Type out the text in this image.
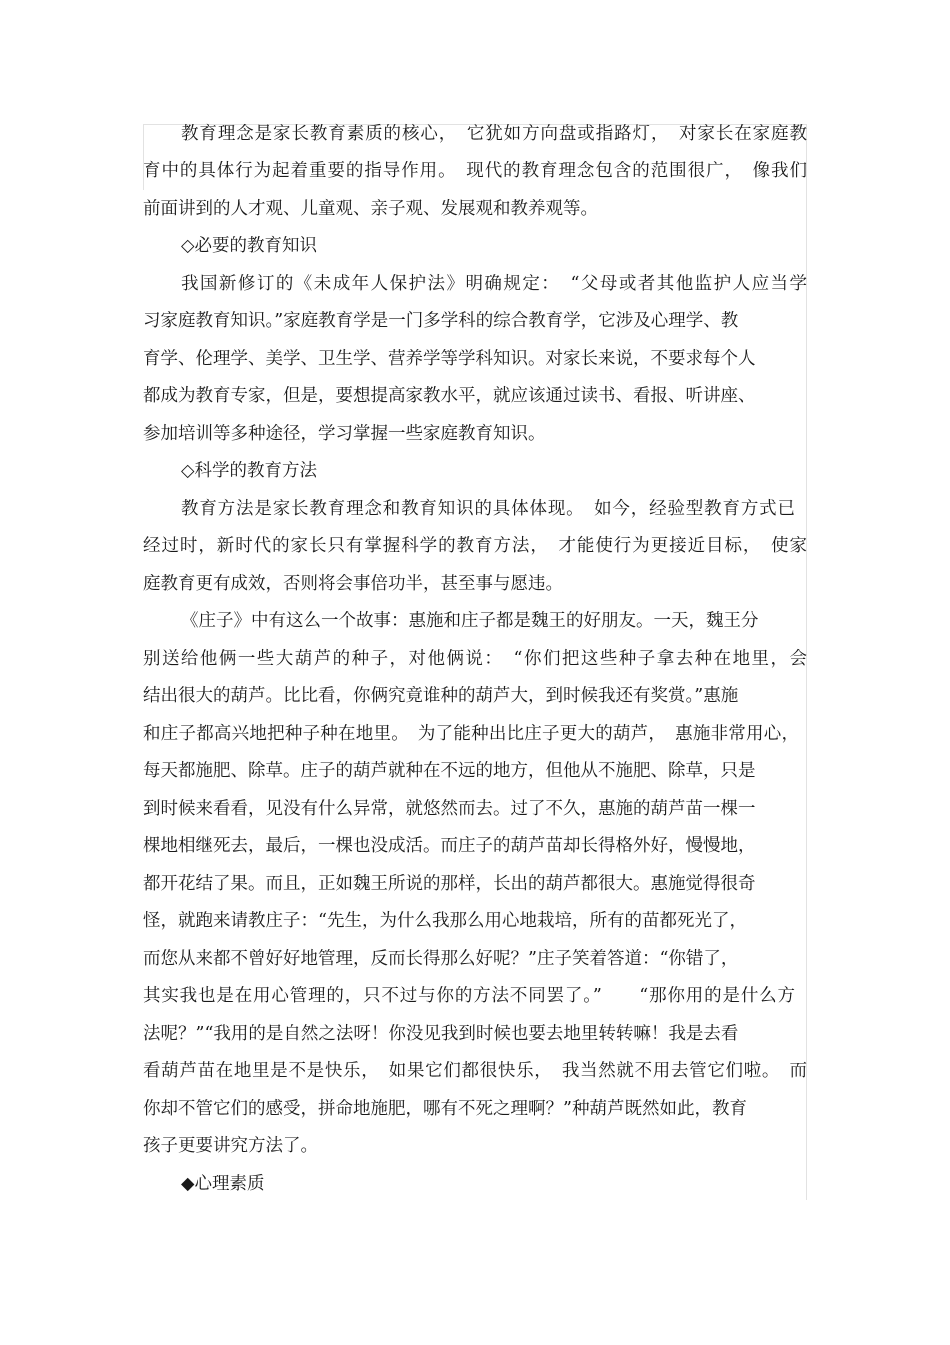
教育理念是家长教育素质的核心，　它犹如方向盘或指路灯，　对家长在家庭教
育中的具体行为起着重要的指导作用。　现代的教育理念包含的范围很广，　像我们
前面讲到的人才观、儿童观、亲子观、发展观和教养观等。
◇必要的教育知识
我国新修订的《未成年人保护法》明确规定：　“父母或者其他监护人应当学
习家庭教育知识。”家庭教育学是一门多学科的综合教育学，它涉及心理学、教
育学、伦理学、美学、卫生学、营养学等学科知识。对家长来说，不要求每个人
都成为教育专家，但是，要想提高家教水平，就应该通过读书、看报、听讲座、
参加培训等多种途径，学习掌握一些家庭教育知识。
◇科学的教育方法
教育方法是家长教育理念和教育知识的具体体现。　如今，经验型教育方式已
经过时，新时代的家长只有掌握科学的教育方法，　才能使行为更接近目标，　使家
庭教育更有成效，否则将会事倍功半，甚至事与愿违。
《庄子》中有这么一个故事：惠施和庄子都是魏王的好朋友。一天，魏王分
别送给他俩一些大葫芦的种子，对他俩说：　“你们把这些种子拿去种在地里，会
结出很大的葫芦。比比看，你俩究竟谁种的葫芦大，到时候我还有奖赏。”惠施
和庄子都高兴地把种子种在地里。　为了能种出比庄子更大的葫芦，　惠施非常用心，
每天都施肥、除草。庄子的葫芦就种在不远的地方，但他从不施肥、除草，只是
到时候来看看，见没有什么异常，就悠然而去。过了不久，惠施的葫芦苗一棵一
棵地相继死去，最后，一棵也没成活。而庄子的葫芦苗却长得格外好，慢慢地，
都开花结了果。而且，正如魏王所说的那样，长出的葫芦都很大。惠施觉得很奇
怪，就跑来请教庄子：“先生，为什么我那么用心地栽培，所有的苗都死光了，
而您从来都不曾好好地管理，反而长得那么好呢？”庄子笑着答道：“你错了，
其实我也是在用心管理的，只不过与你的方法不同罢了。”　　“那你用的是什么方
法呢？”“我用的是自然之法呀！你没见我到时候也要去地里转转嘛！我是去看
看葫芦苗在地里是不是快乐，　如果它们都很快乐，　我当然就不用去管它们啦。　而
你却不管它们的感受，拼命地施肥，哪有不死之理啊？”种葫芦既然如此，教育
孩子更要讲究方法了。
◆心理素质
